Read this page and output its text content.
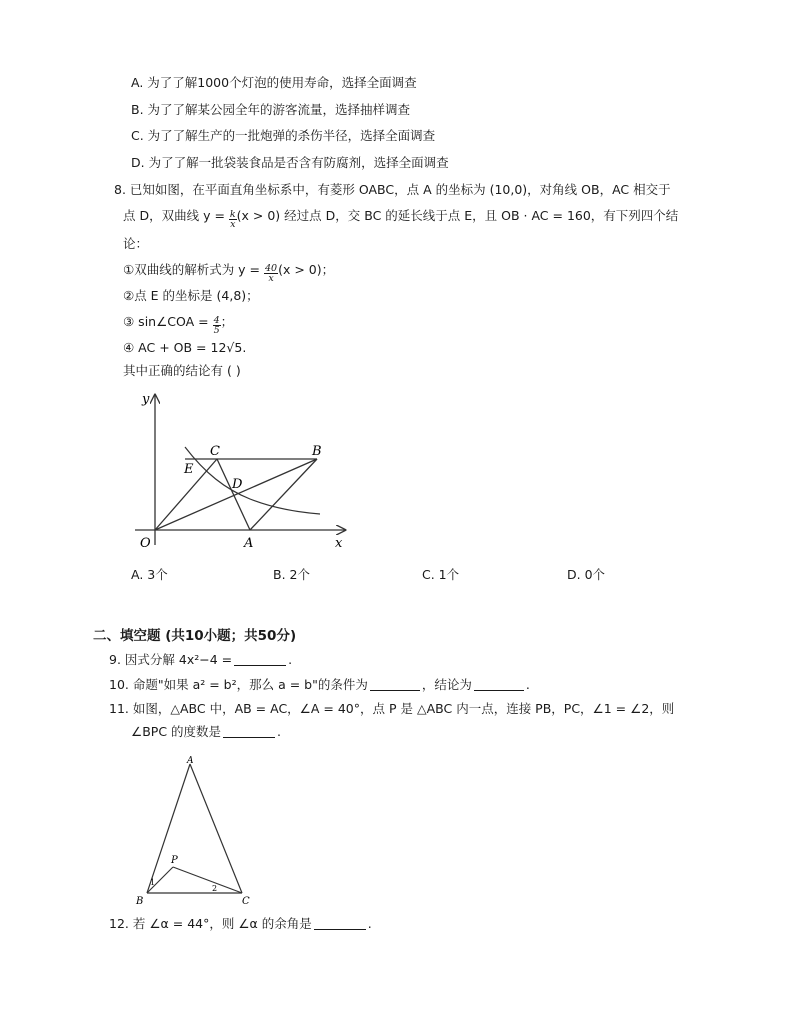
A. 为了了解1000个灯泡的使用寿命，选择全面调查
B. 为了了解某公园全年的游客流量，选择抽样调查
C. 为了了解生产的一批炮弹的杀伤半径，选择全面调查
D. 为了了解一批袋装食品是否含有防腐剂，选择全面调查
8. 已知如图，在平面直角坐标系中，有菱形 OABC，点 A 的坐标为 (10,0)，对角线 OB，AC 相交于
点 D，双曲线 $y = \frac{k}{x} (x > 0)$ 经过点 D，交 BC 的延长线于点 E，且 OB · AC = 160，有下列四个结
论：
①双曲线的解析式为 $y = \frac{40}{x} (x > 0)$；
②点 E 的坐标是 (4,8)；
③ sin∠COA = $\frac{4}{5}$ ；
④ AC + OB = 12√5.
其中正确的结论有 ( )
y
x
O	A
B
C
D
E
A. 3个	B. 2个	C. 1个	D. 0个
二、填空题 (共10小题；共50分)
9. 因式分解 4x²−4 =	.
10. 命题"如果 a² = b²，那么 a = b"的条件为	，结论为	.
11. 如图，△ABC 中，AB = AC，∠A = 40°，点 P 是 △ABC 内一点，连接 PB，PC，∠1 = ∠2，则
∠BPC 的度数是	.
A
B	C
P
1
2
12. 若 ∠α = 44°，则 ∠α 的余角是	.
